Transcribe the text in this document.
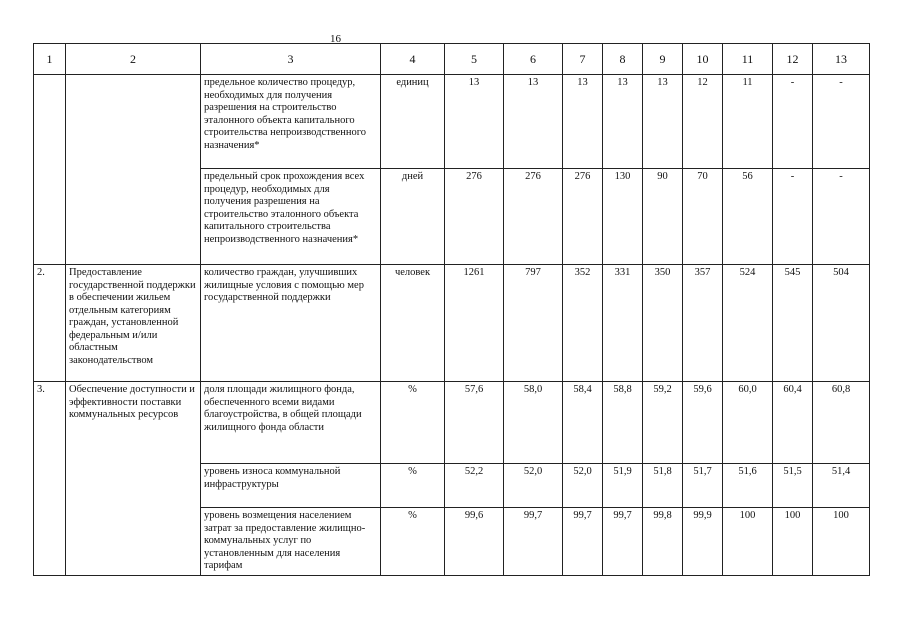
16
1	2	3	4	5	6	7	8	9	10	11	12	13
		предельное количество процедур, необходимых для получения разрешения на строительство эталонного объекта капитального строительства непроизводственного назначения*	единиц	13	13	13	13	13	12	11	-	-
		предельный срок прохождения всех процедур, необходимых для получения разрешения на строительство эталонного объекта капитального строительства непроизводственного назначения*	дней	276	276	276	130	90	70	56	-	-
2.	Предоставление государственной поддержки в обеспечении жильем отдельным категориям граждан, установленной федеральным и/или областным законодательством	количество граждан, улучшивших жилищные условия с помощью мер государственной поддержки	человек	1261	797	352	331	350	357	524	545	504
3.	Обеспечение доступности и эффективности поставки коммунальных ресурсов	доля площади жилищного фонда, обеспеченного всеми видами благоустройства, в общей площади жилищного фонда области	%	57,6	58,0	58,4	58,8	59,2	59,6	60,0	60,4	60,8
		уровень износа коммунальной инфраструктуры	%	52,2	52,0	52,0	51,9	51,8	51,7	51,6	51,5	51,4
		уровень возмещения населением затрат за предоставление жилищно-коммунальных услуг по установленным для населения тарифам	%	99,6	99,7	99,7	99,7	99,8	99,9	100	100	100
